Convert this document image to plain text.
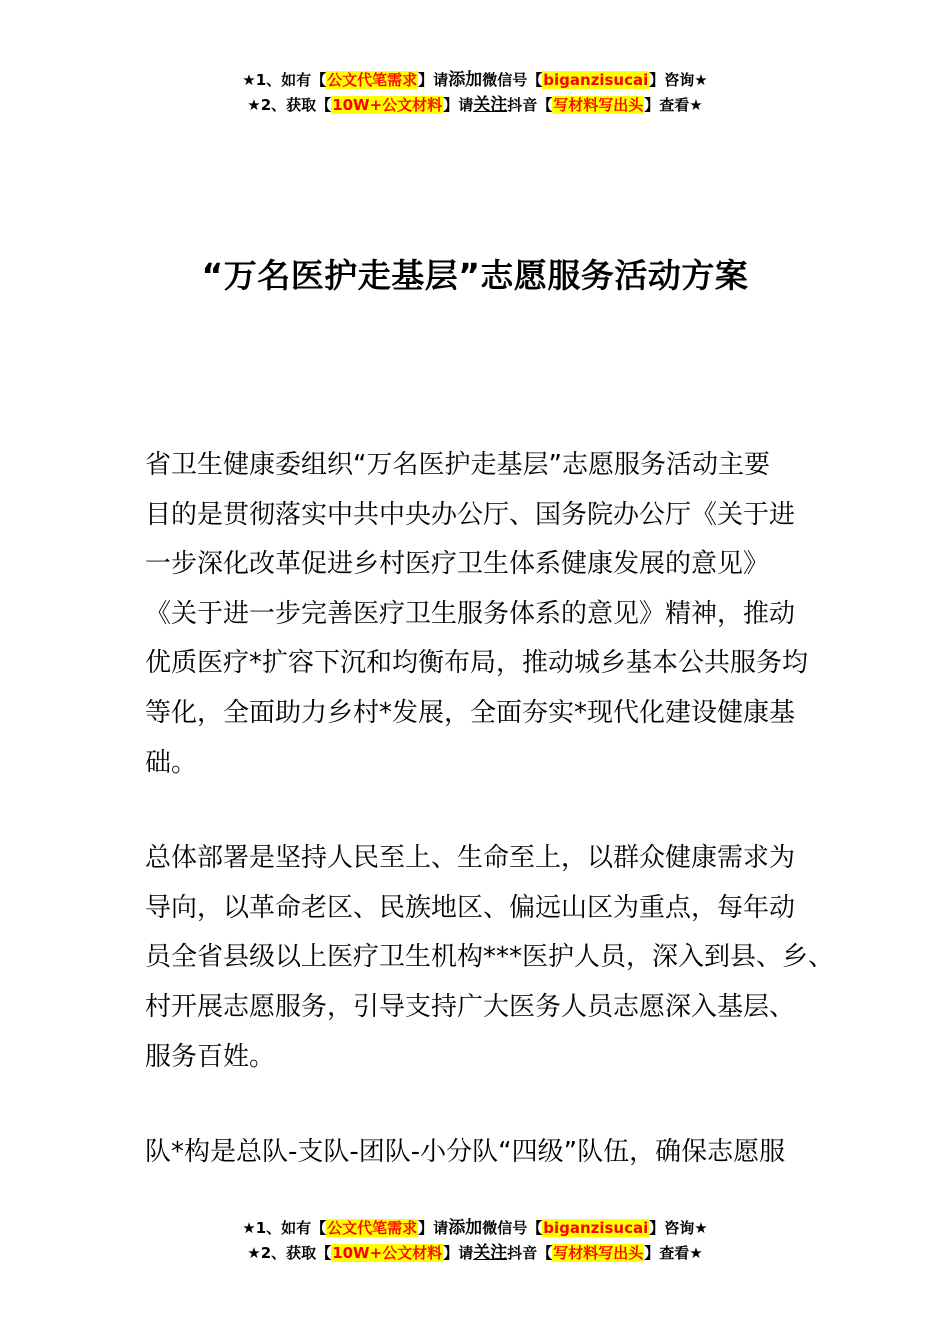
★1、如有【公文代笔需求】请添加微信号【biganzisucai】咨询★
★2、获取【10W+公文材料】请关注抖音【写材料写出头】查看★
“万名医护走基层”志愿服务活动方案

省卫生健康委组织“万名医护走基层”志愿服务活动主要
目的是贯彻落实中共中央办公厅、国务院办公厅《关于进
一步深化改革促进乡村医疗卫生体系健康发展的意见》
《关于进一步完善医疗卫生服务体系的意见》精神，推动
优质医疗*扩容下沉和均衡布局，推动城乡基本公共服务均
等化，全面助力乡村*发展，全面夯实*现代化建设健康基
础。

总体部署是坚持人民至上、生命至上，以群众健康需求为
导向，以革命老区、民族地区、偏远山区为重点，每年动
员全省县级以上医疗卫生机构***医护人员，深入到县、乡、
村开展志愿服务，引导支持广大医务人员志愿深入基层、
服务百姓。

队*构是总队-支队-团队-小分队“四级”队伍，确保志愿服

★1、如有【公文代笔需求】请添加微信号【biganzisucai】咨询★
★2、获取【10W+公文材料】请关注抖音【写材料写出头】查看★
